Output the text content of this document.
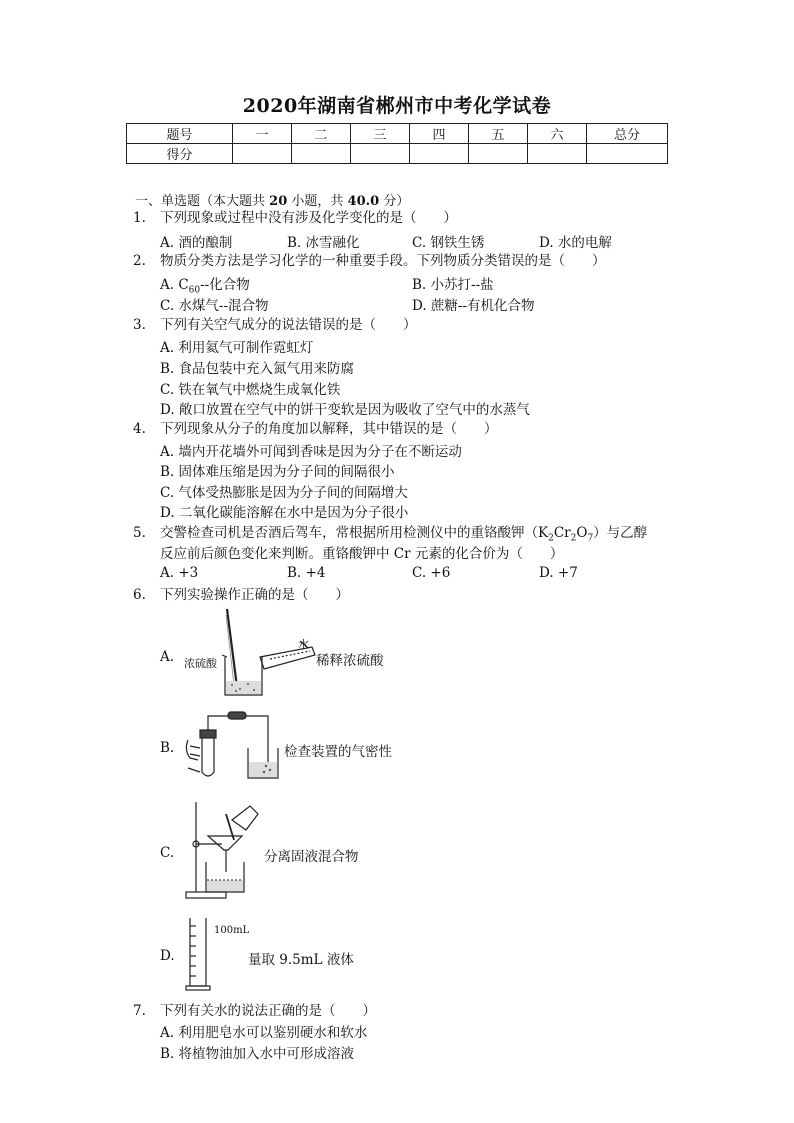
2020年湖南省郴州市中考化学试卷
题号	一	二	三	四	五	六	总分
得分							
一、单选题（本大题共 20 小题，共 40.0 分）
1. 下列现象或过程中没有涉及化学变化的是（　　）
A. 酒的酿制	B. 冰雪融化	C. 钢铁生锈	D. 水的电解
2. 物质分类方法是学习化学的一种重要手段。下列物质分类错误的是（　　）
A. $C_{60}--$化合物	B. 小苏打--盐
C. 水煤气--混合物	D. 蔗糖--有机化合物
3. 下列有关空气成分的说法错误的是（　　）
A. 利用氦气可制作霓虹灯
B. 食品包装中充入氮气用来防腐
C. 铁在氧气中燃烧生成氧化铁
D. 敞口放置在空气中的饼干变软是因为吸收了空气中的水蒸气
4. 下列现象从分子的角度加以解释，其中错误的是（　　）
A. 墙内开花墙外可闻到香味是因为分子在不断运动
B. 固体难压缩是因为分子间的间隔很小
C. 气体受热膨胀是因为分子间的间隔增大
D. 二氧化碳能溶解在水中是因为分子很小
5. 交警检查司机是否酒后驾车，常根据所用检测仪中的重铬酸钾$(K_2Cr_2O_7)$与乙醇
反应前后颜色变化来判断。重铬酸钾中 Cr 元素的化合价为（　　）
A. +3	B. +4	C. +6	D. +7
6. 下列实验操作正确的是（　　）
A. 浓硫酸
水
稀释浓硫酸
B.	检查装置的气密性
C.	分离固液混合物
D.
100mL
量取 9.5mL 液体
7. 下列有关水的说法正确的是（　　）
A. 利用肥皂水可以鉴别硬水和软水
B. 将植物油加入水中可形成溶液
